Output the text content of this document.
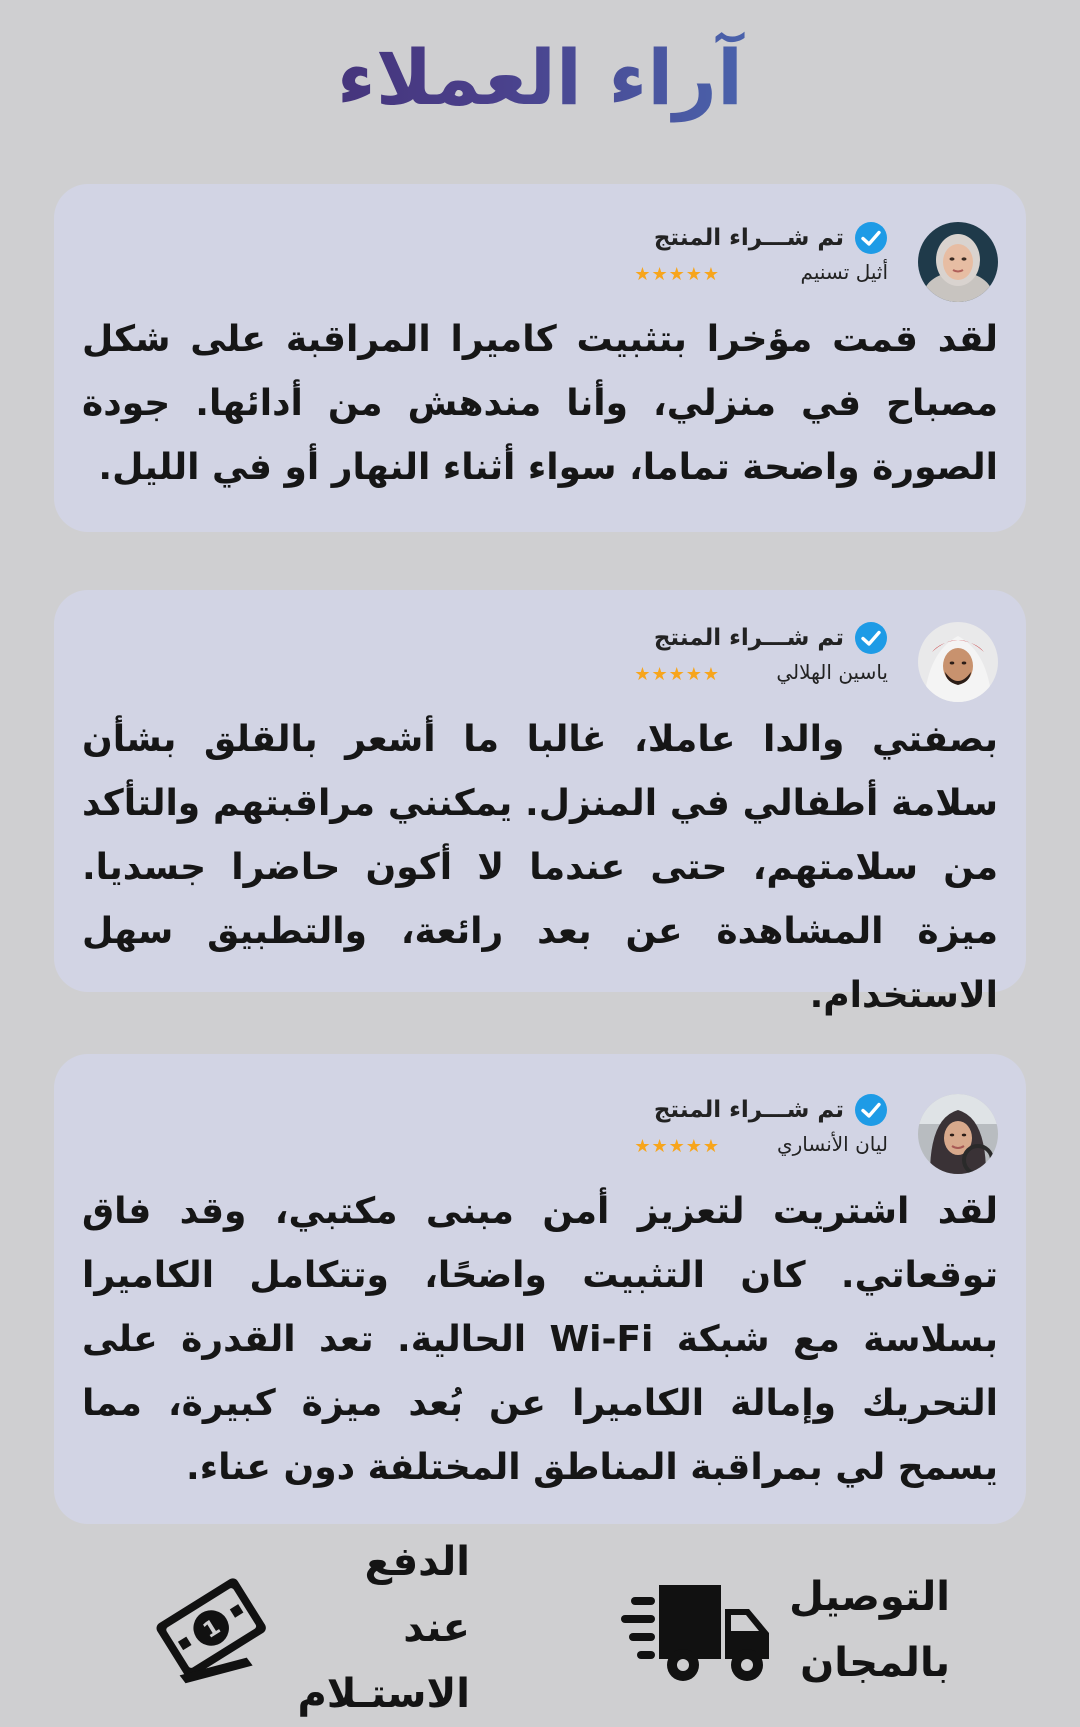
آراء العملاء
تم شـــراء المنتج
أثيل تسنيم
★★★★★
لقد قمت مؤخرا بتثبيت كاميرا المراقبة على شكل مصباح في منزلي، وأنا مندهش من أدائها. جودة الصورة واضحة تماما، سواء أثناء النهار أو في الليل.
تم شـــراء المنتج
ياسين الهلالي
★★★★★
بصفتي والدا عاملا، غالبا ما أشعر بالقلق بشأن سلامة أطفالي في المنزل. يمكنني مراقبتهم والتأكد من سلامتهم، حتى عندما لا أكون حاضرا جسديا. ميزة المشاهدة عن بعد رائعة، والتطبيق سهل الاستخدام.
تم شـــراء المنتج
ليان الأنساري
★★★★★
لقد اشتريت لتعزيز أمن مبنى مكتبي، وقد فاق توقعاتي. كان التثبيت واضحًا، وتتكامل الكاميرا بسلاسة مع شبكة Wi-Fi الحالية. تعد القدرة على التحريك وإمالة الكاميرا عن بُعد ميزة كبيرة، مما يسمح لي بمراقبة المناطق المختلفة دون عناء.
التوصيل
بالمجان
الدفع عند
الاستـلام
1
